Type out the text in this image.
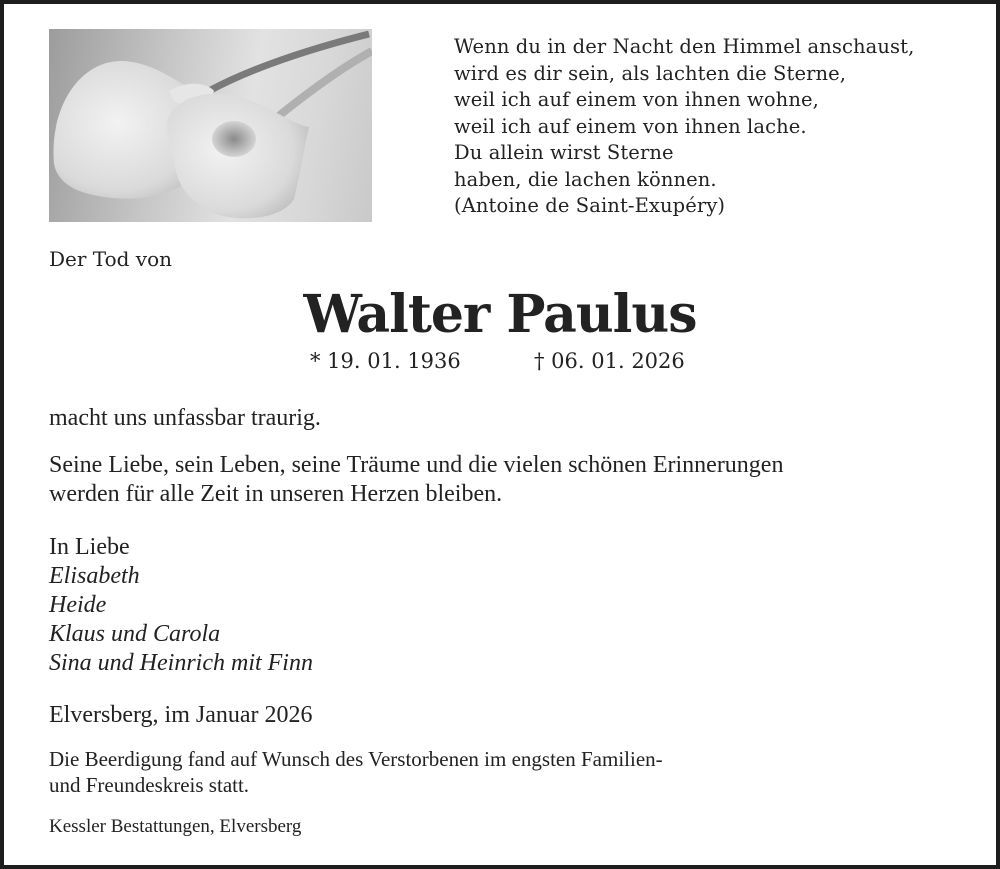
Wenn du in der Nacht den Himmel anschaust,
wird es dir sein, als lachten die Sterne,
weil ich auf einem von ihnen wohne,
weil ich auf einem von ihnen lache.
Du allein wirst Sterne
haben, die lachen können.
(Antoine de Saint-Exupéry)
Der Tod von
Walter Paulus
* 19. 01. 1936	† 06. 01. 2026
macht uns unfassbar traurig.
Seine Liebe, sein Leben, seine Träume und die vielen schönen Erinnerungen
werden für alle Zeit in unseren Herzen bleiben.
In Liebe
Elisabeth
Heide
Klaus und Carola
Sina und Heinrich mit Finn
Elversberg, im Januar 2026
Die Beerdigung fand auf Wunsch des Verstorbenen im engsten Familien-
und Freundeskreis statt.
Kessler Bestattungen, Elversberg
